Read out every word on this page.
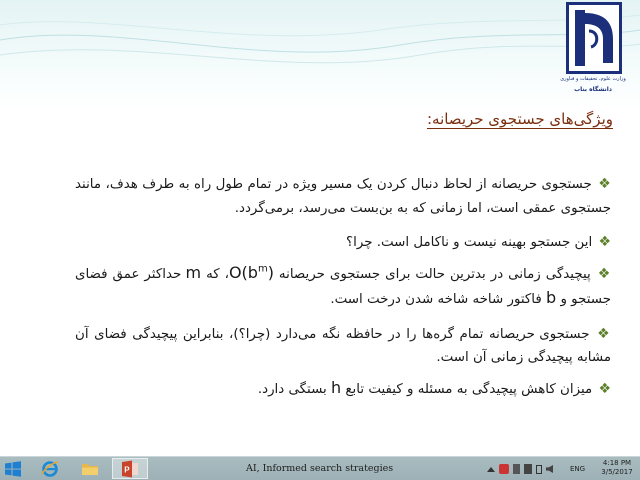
وزارت علوم، تحقیقات و فناوری
دانشگاه بناب
ویژگی‌های جستجوی حریصانه:
❖ جستجوی حریصانه از لحاظ دنبال کردن یک مسیر ویژه در تمام طول راه به طرف هدف، مانند جستجوی عمقی است، اما زمانی که به بن‌بست می‌رسد، برمی‌گردد.
❖ این جستجو بهینه نیست و ناکامل است. چرا؟
❖ پیچیدگی زمانی در بدترین حالت برای جستجوی حریصانه $O(b^m)،$ که m حداکثر عمق فضای جستجو و b فاکتور شاخه شاخه شدن درخت است.
❖ جستجوی حریصانه تمام گره‌ها را در حافظه نگه می‌دارد (چرا؟)، بنابراین پیچیدگی فضای آن مشابه پیچیدگی زمانی آن است.
❖ میزان کاهش پیچیدگی به مسئله و کیفیت تابع h بستگی دارد.
P	AI, Informed search strategies	ENG
4:18 PM
3/5/2017
